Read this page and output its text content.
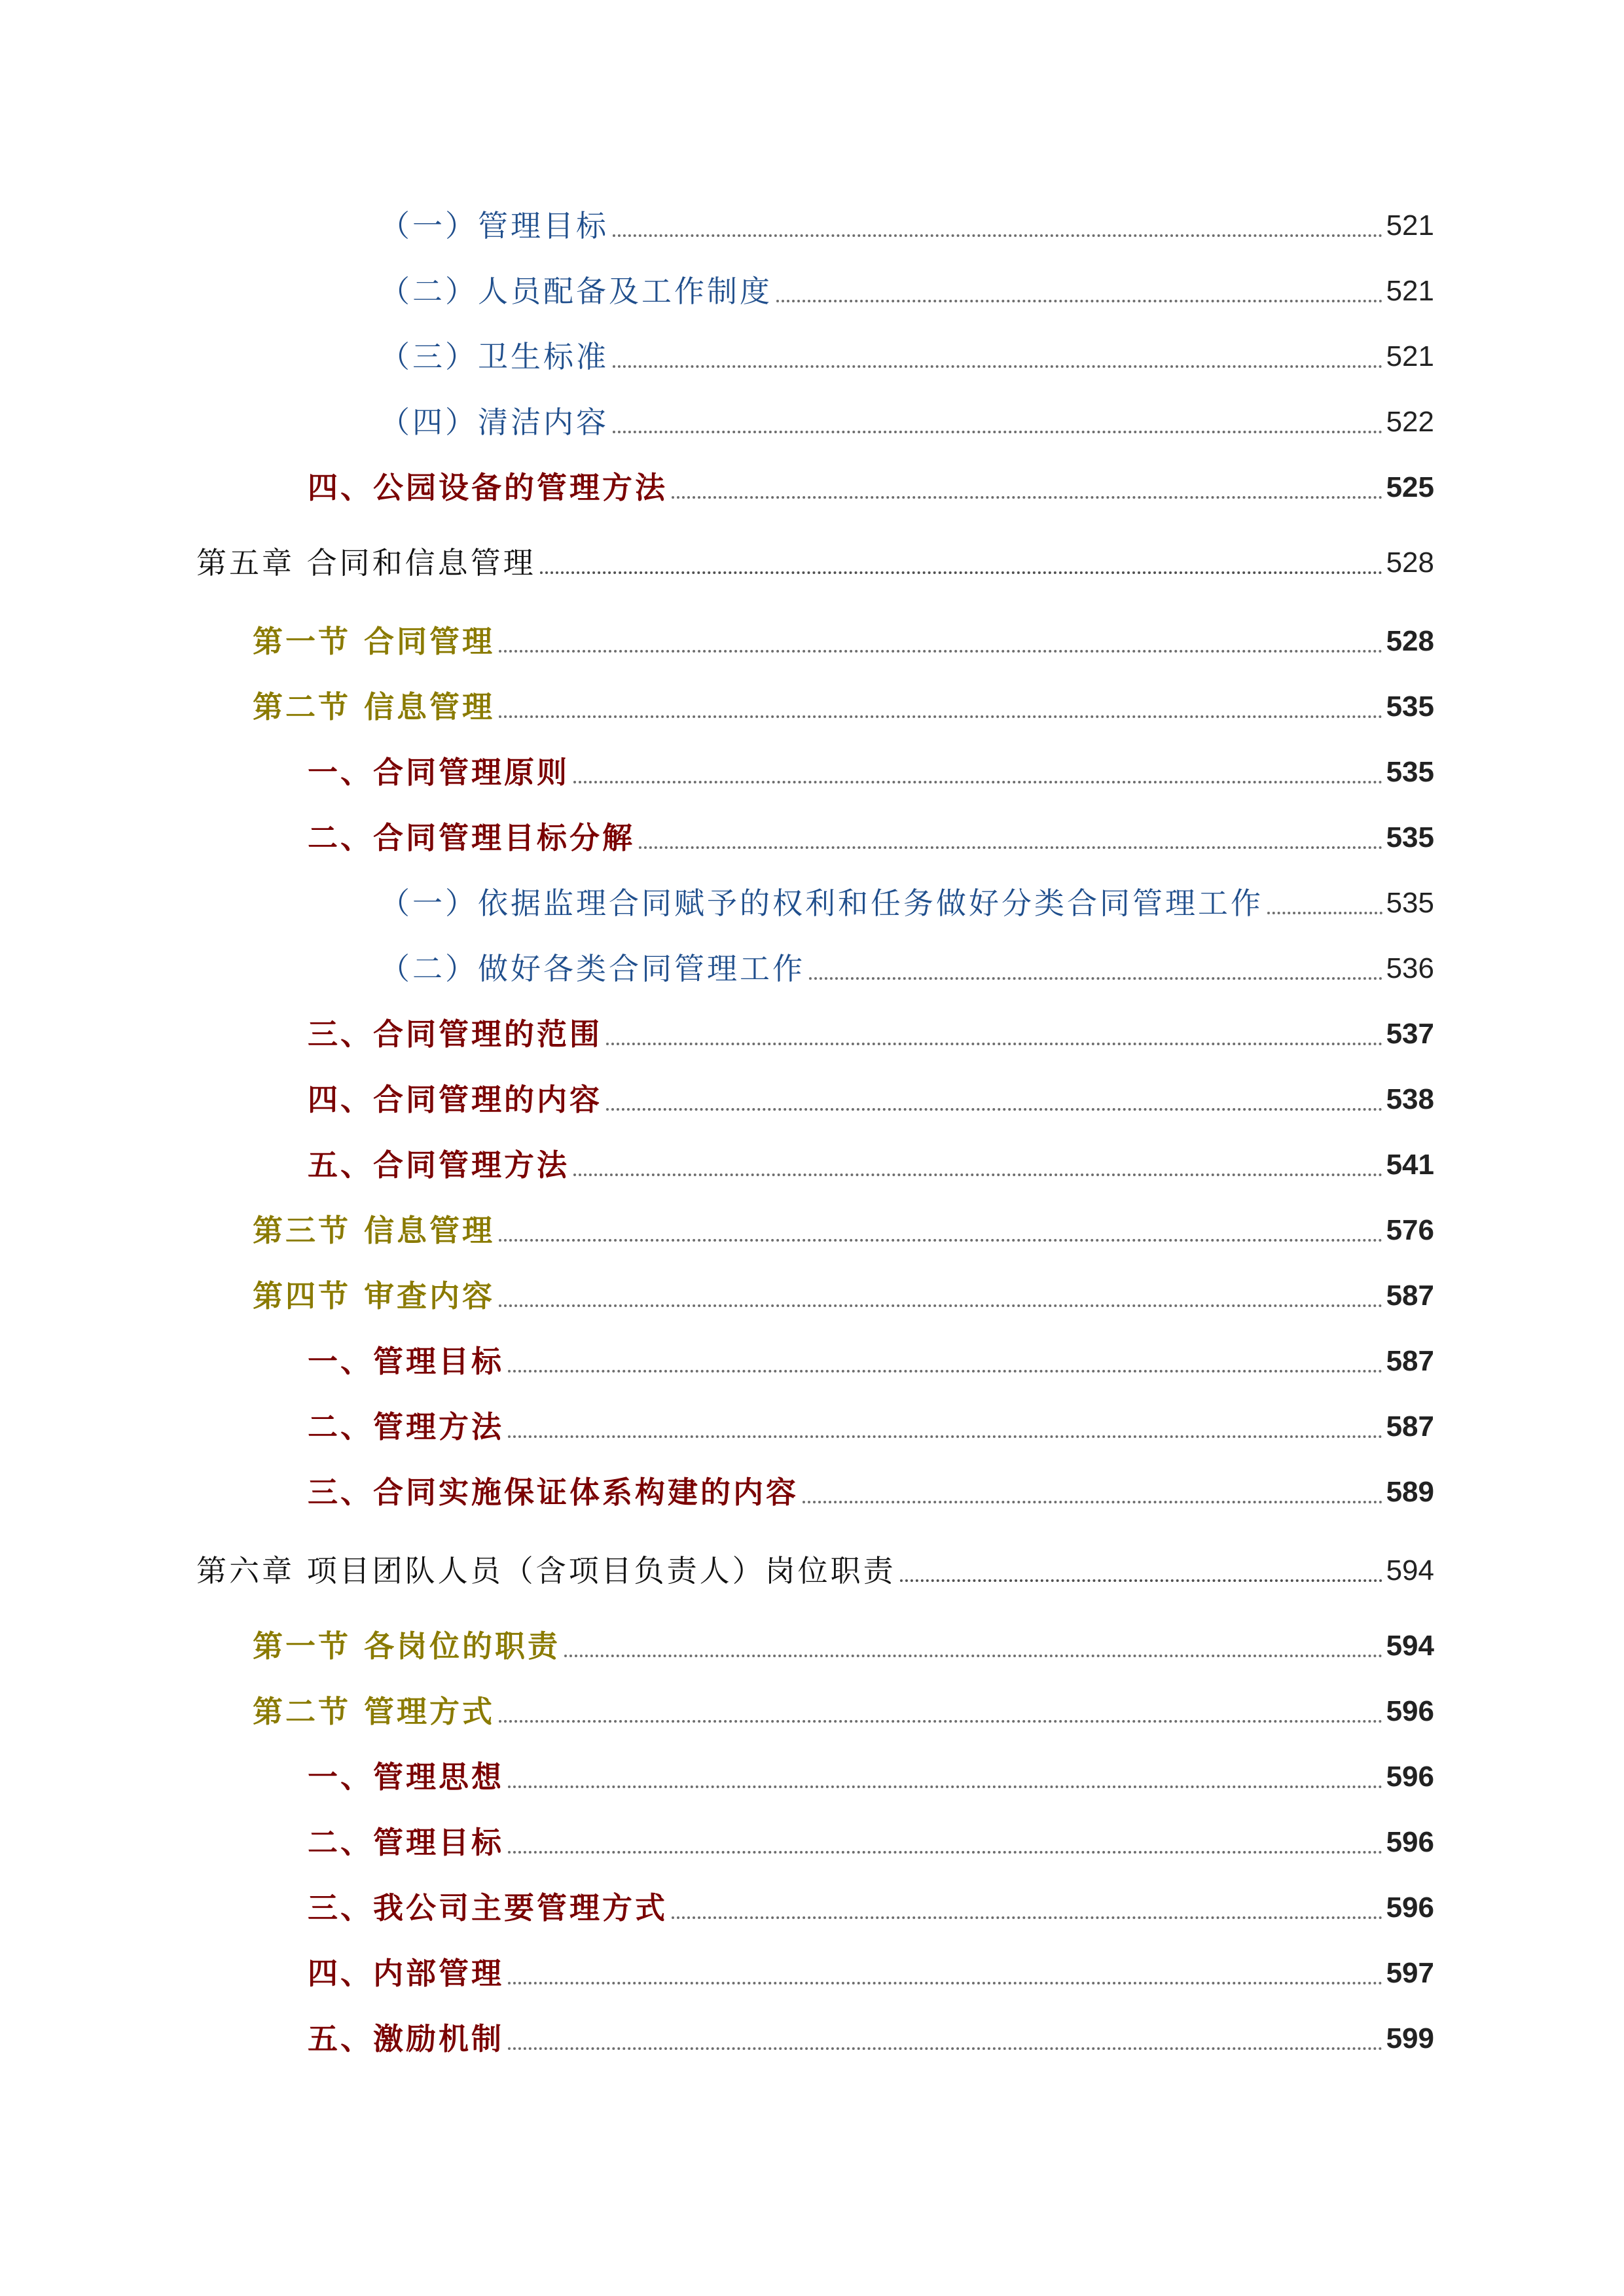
（一）管理目标	521
（二）人员配备及工作制度	521
（三）卫生标准	521
（四）清洁内容	522
四、公园设备的管理方法	525
第五章 合同和信息管理	528
第一节 合同管理	528
第二节 信息管理	535
一、合同管理原则	535
二、合同管理目标分解	535
（一）依据监理合同赋予的权利和任务做好分类合同管理工作	535
（二）做好各类合同管理工作	536
三、合同管理的范围	537
四、合同管理的内容	538
五、合同管理方法	541
第三节 信息管理	576
第四节 审查内容	587
一、管理目标	587
二、管理方法	587
三、合同实施保证体系构建的内容	589
第六章 项目团队人员（含项目负责人）岗位职责	594
第一节 各岗位的职责	594
第二节 管理方式	596
一、管理思想	596
二、管理目标	596
三、我公司主要管理方式	596
四、内部管理	597
五、激励机制	599
